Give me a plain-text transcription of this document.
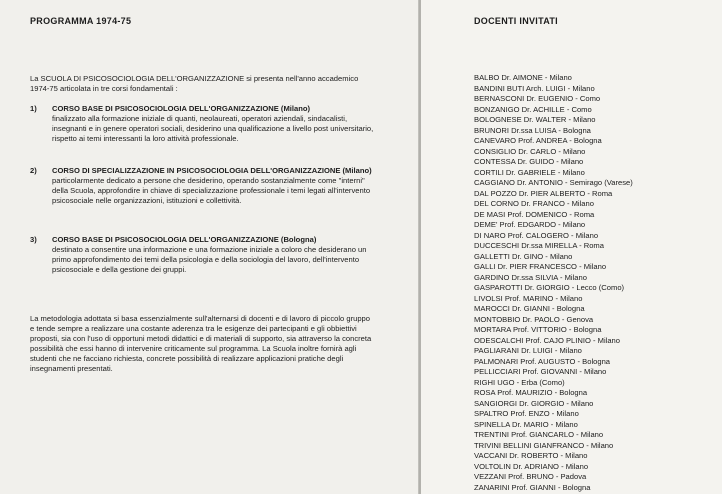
PROGRAMMA 1974-75
La SCUOLA DI PSICOSOCIOLOGIA DELL'ORGANIZZAZIONE si presenta nell'anno accademico 1974-75 articolata in tre corsi fondamentali :
1) CORSO BASE DI PSICOSOCIOLOGIA DELL'ORGANIZZAZIONE (Milano)
finalizzato alla formazione iniziale di quanti, neolaureati, operatori aziendali, sindacalisti, insegnanti e in genere operatori sociali, desiderino una qualificazione a livello post universitario, rispetto ai temi interessanti la loro attività professionale.
2) CORSO DI SPECIALIZZAZIONE IN PSICOSOCIOLOGIA DELL'ORGANIZZAZIONE (Milano)
particolarmente dedicato a persone che desiderino, operando sostanzialmente come "interni" della Scuola, approfondire in chiave di specializzazione professionale i temi legati all'intervento psicosociale nelle organizzazioni, istituzioni e collettività.
3) CORSO BASE DI PSICOSOCIOLOGIA DELL'ORGANIZZAZIONE (Bologna)
destinato a consentire una informazione e una formazione iniziale a coloro che desiderano un primo approfondimento dei temi della psicologia e della sociologia del lavoro, dell'intervento psicosociale e della gestione dei gruppi.
La metodologia adottata si basa essenzialmente sull'alternarsi di docenti e di lavoro di piccolo gruppo e tende sempre a realizzare una costante aderenza tra le esigenze dei partecipanti e gli obbiettivi proposti, sia con l'uso di opportuni metodi didattici e di materiali di supporto, sia attraverso la concreta possibilità che essi hanno di intervenire criticamente sul programma. La Scuola inoltre fornirà agli studenti che ne facciano richiesta, concrete possibilità di realizzare applicazioni pratiche degli insegnamenti presentati.
DOCENTI INVITATI
BALBO Dr. AIMONE - Milano
BANDINI BUTI Arch. LUIGI - Milano
BERNASCONI Dr. EUGENIO - Como
BONZANIGO Dr. ACHILLE - Como
BOLOGNESE Dr. WALTER - Milano
BRUNORI Dr.ssa LUISA - Bologna
CANEVARO Prof. ANDREA - Bologna
CONSIGLIO Dr. CARLO - Milano
CONTESSA Dr. GUIDO - Milano
CORTILI Dr. GABRIELE - Milano
CAGGIANO Dr. ANTONIO - Semirago (Varese)
DAL POZZO Dr. PIER ALBERTO - Roma
DEL CORNO Dr. FRANCO - Milano
DE MASI Prof. DOMENICO - Roma
DEME' Prof. EDGARDO - Milano
DI NARO Prof. CALOGERO - Milano
DUCCESCHI Dr.ssa MIRELLA - Roma
GALLETTI Dr. GINO - Milano
GALLI Dr. PIER FRANCESCO - Milano
GARDINO Dr.ssa SILVIA - Milano
GASPAROTTI Dr. GIORGIO - Lecco (Como)
LIVOLSI Prof. MARINO - Milano
MAROCCI Dr. GIANNI - Bologna
MONTOBBIO Dr. PAOLO - Genova
MORTARA Prof. VITTORIO - Bologna
ODESCALCHI Prof. CAJO PLINIO - Milano
PAGLIARANI Dr. LUIGI - Milano
PALMONARI Prof. AUGUSTO - Bologna
PELLICCIARI Prof. GIOVANNI - Milano
RIGHI UGO - Erba (Como)
ROSA Prof. MAURIZIO - Bologna
SANGIORGI Dr. GIORGIO - Milano
SPALTRO Prof. ENZO - Milano
SPINELLA Dr. MARIO - Milano
TRENTINI Prof. GIANCARLO - Milano
TRIVINI BELLINI GIANFRANCO - Milano
VACCANI Dr. ROBERTO - Milano
VOLTOLIN Dr. ADRIANO - Milano
VEZZANI Prof. BRUNO - Padova
ZANARINI Prof. GIANNI - Bologna
